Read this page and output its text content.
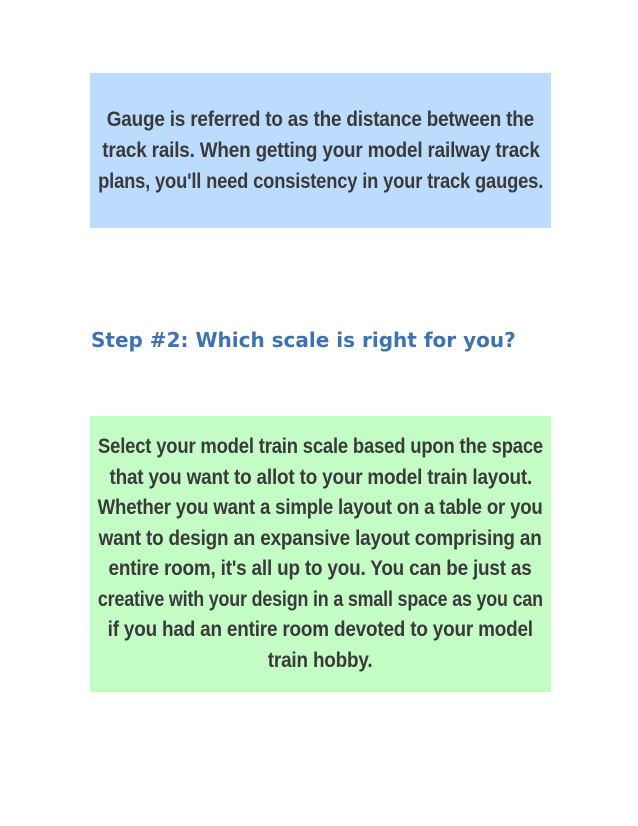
Gauge is referred to as the distance between the
track rails. When getting your model railway track
plans, you'll need consistency in your track gauges.

Step #2: Which scale is right for you?

Select your model train scale based upon the space
that you want to allot to your model train layout.
Whether you want a simple layout on a table or you
want to design an expansive layout comprising an
entire room, it's all up to you. You can be just as
creative with your design in a small space as you can
if you had an entire room devoted to your model
train hobby.
